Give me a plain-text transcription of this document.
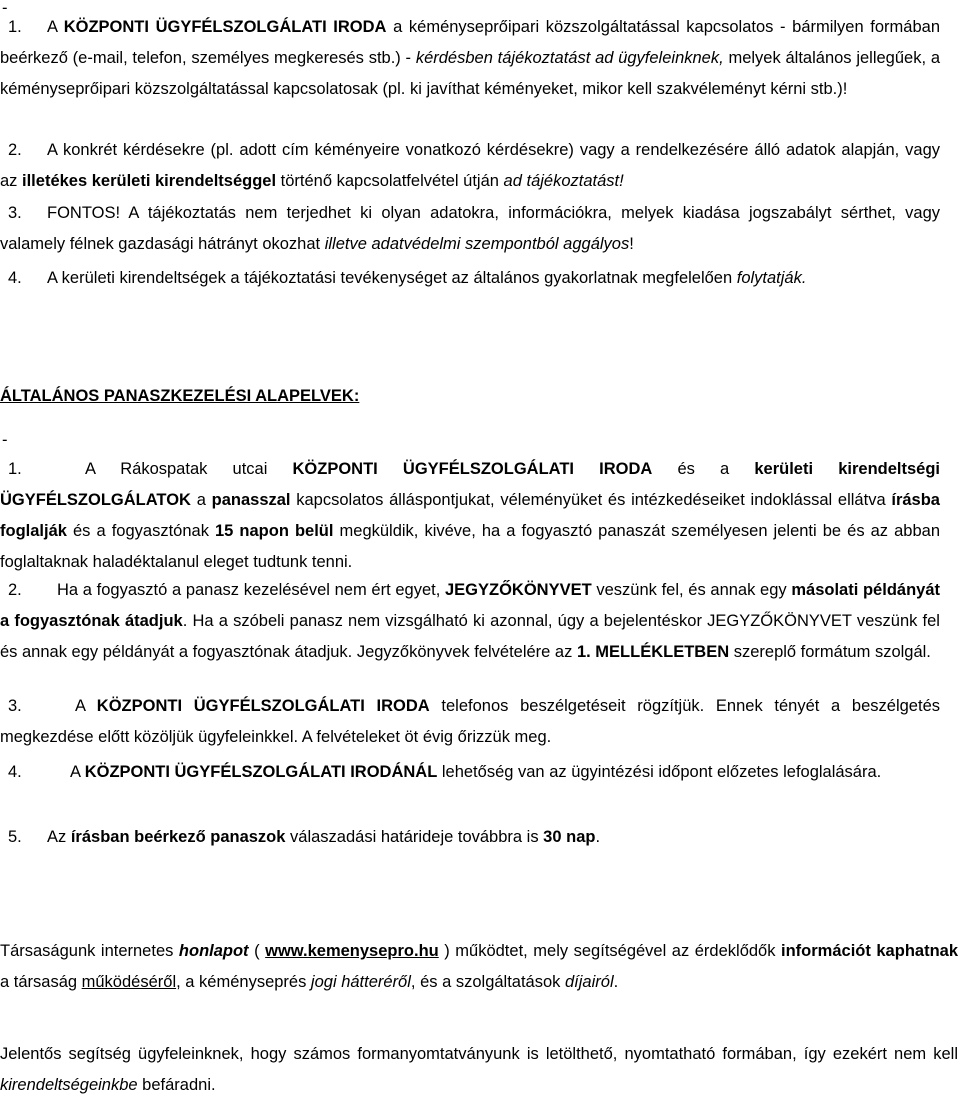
-
1. A KÖZPONTI ÜGYFÉLSZOLGÁLATI IRODA a kéményseprőipari közszolgáltatással kapcsolatos - bármilyen formában beérkező (e-mail, telefon, személyes megkeresés stb.) - kérdésben tájékoztatást ad ügyfeleinknek, melyek általános jellegűek, a kéményseprőipari közszolgáltatással kapcsolatosak (pl. ki javíthat kéményeket, mikor kell szakvéleményt kérni stb.)!
2. A konkrét kérdésekre (pl. adott cím kéményeire vonatkozó kérdésekre) vagy a rendelkezésére álló adatok alapján, vagy az illetékes kerületi kirendeltséggel történő kapcsolatfelvétel útján ad tájékoztatást!
3. FONTOS! A tájékoztatás nem terjedhet ki olyan adatokra, információkra, melyek kiadása jogszabályt sérthet, vagy valamely félnek gazdasági hátrányt okozhat illetve adatvédelmi szempontból aggályos!
4. A kerületi kirendeltségek a tájékoztatási tevékenységet az általános gyakorlatnak megfelelően folytatják.
ÁLTALÁNOS PANASZKEZELÉSI ALAPELVEK:
-
1.	A Rákospatak utcai KÖZPONTI ÜGYFÉLSZOLGÁLATI IRODA és a kerületi kirendeltségi ÜGYFÉLSZOLGÁLATOK a panasszal kapcsolatos álláspontjukat, véleményüket és intézkedéseiket indoklással ellátva írásba foglalják és a fogyasztónak 15 napon belül megküldik, kivéve, ha a fogyasztó panaszát személyesen jelenti be és az abban foglaltaknak haladéktalanul eleget tudtunk tenni.
2. Ha a fogyasztó a panasz kezelésével nem ért egyet, JEGYZŐKÖNYVET veszünk fel, és annak egy másolati példányát a fogyasztónak átadjuk. Ha a szóbeli panasz nem vizsgálható ki azonnal, úgy a bejelentéskor JEGYZŐKÖNYVET veszünk fel és annak egy példányát a fogyasztónak átadjuk. Jegyzőkönyvek felvételére az 1. MELLÉKLETBEN szereplő formátum szolgál.
3.	A KÖZPONTI ÜGYFÉLSZOLGÁLATI IRODA telefonos beszélgetéseit rögzítjük. Ennek tényét a beszélgetés megkezdése előtt közöljük ügyfeleinkkel. A felvételeket öt évig őrizzük meg.
4.	A KÖZPONTI ÜGYFÉLSZOLGÁLATI IRODÁNÁL lehetőség van az ügyintézési időpont előzetes lefoglalására.
5. Az írásban beérkező panaszok válaszadási határideje továbbra is 30 nap.
Társaságunk internetes honlapot ( www.kemenysepro.hu ) működtet, mely segítségével az érdeklődők információt kaphatnak a társaság működéséről, a kéményseprés jogi hátteréről, és a szolgáltatások díjairól.
Jelentős segítség ügyfeleinknek, hogy számos formanyomtatványunk is letölthető, nyomtatható formában, így ezekért nem kell kirendeltségeinkbe befáradni.
